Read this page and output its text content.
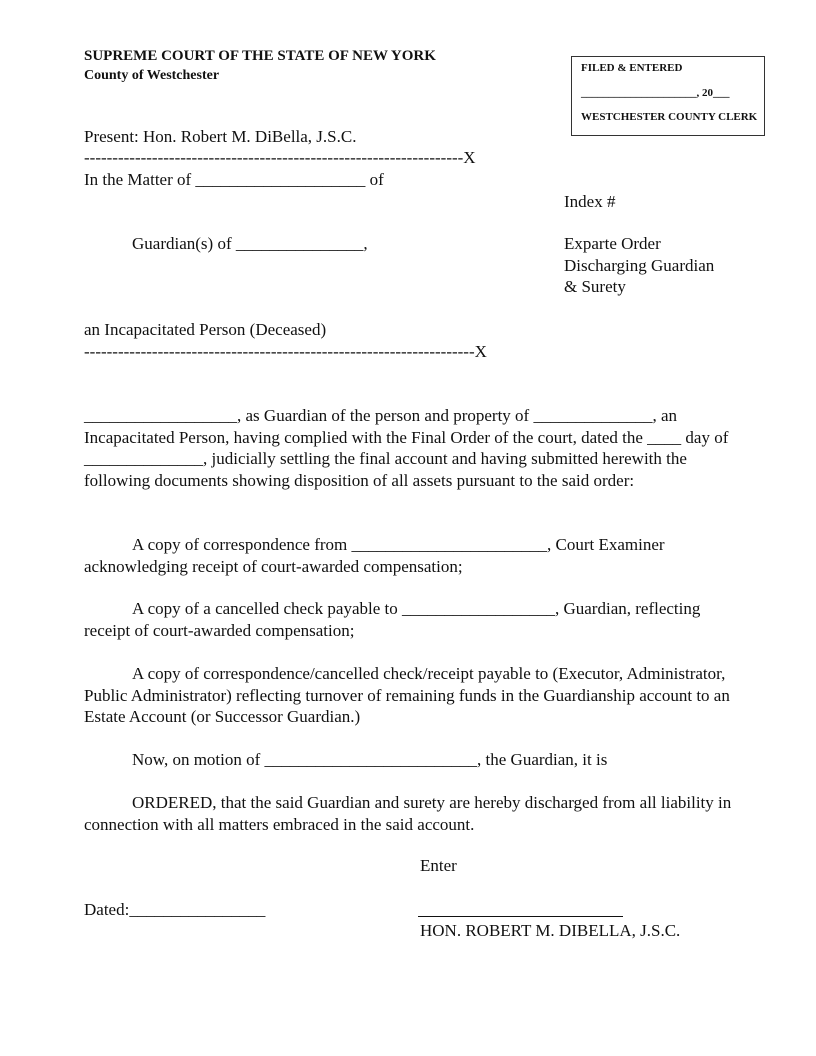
SUPREME COURT OF THE STATE OF NEW YORK
County of Westchester	FILED & ENTERED
_____________________, 20___
WESTCHESTER COUNTY CLERK
Present: Hon. Robert M. DiBella, J.S.C.
-------------------------------------------------------------------X
In the Matter of ____________________ of
Guardian(s) of _______________,
an Incapacitated Person (Deceased)
---------------------------------------------------------------------X
Index #
Exparte Order
Discharging Guardian
& Surety
__________________, as Guardian of the person and property of ______________, an Incapacitated Person, having complied with the Final Order of the court, dated the ____ day of ______________, judicially settling the final account and having submitted herewith the following documents showing disposition of all assets pursuant to the said order:
A copy of correspondence from _______________________, Court Examiner acknowledging receipt of court-awarded compensation;
A copy of a cancelled check payable to __________________, Guardian, reflecting receipt of court-awarded compensation;
A copy of correspondence/cancelled check/receipt payable to (Executor, Administrator, Public Administrator) reflecting turnover of remaining funds in the Guardianship account to an Estate Account (or Successor Guardian.)
Now, on motion of _________________________, the Guardian, it is
ORDERED, that the said Guardian and surety are hereby discharged from all liability in connection with all matters embraced in the said account.
Enter
Dated:________________
HON. ROBERT M. DIBELLA, J.S.C.
